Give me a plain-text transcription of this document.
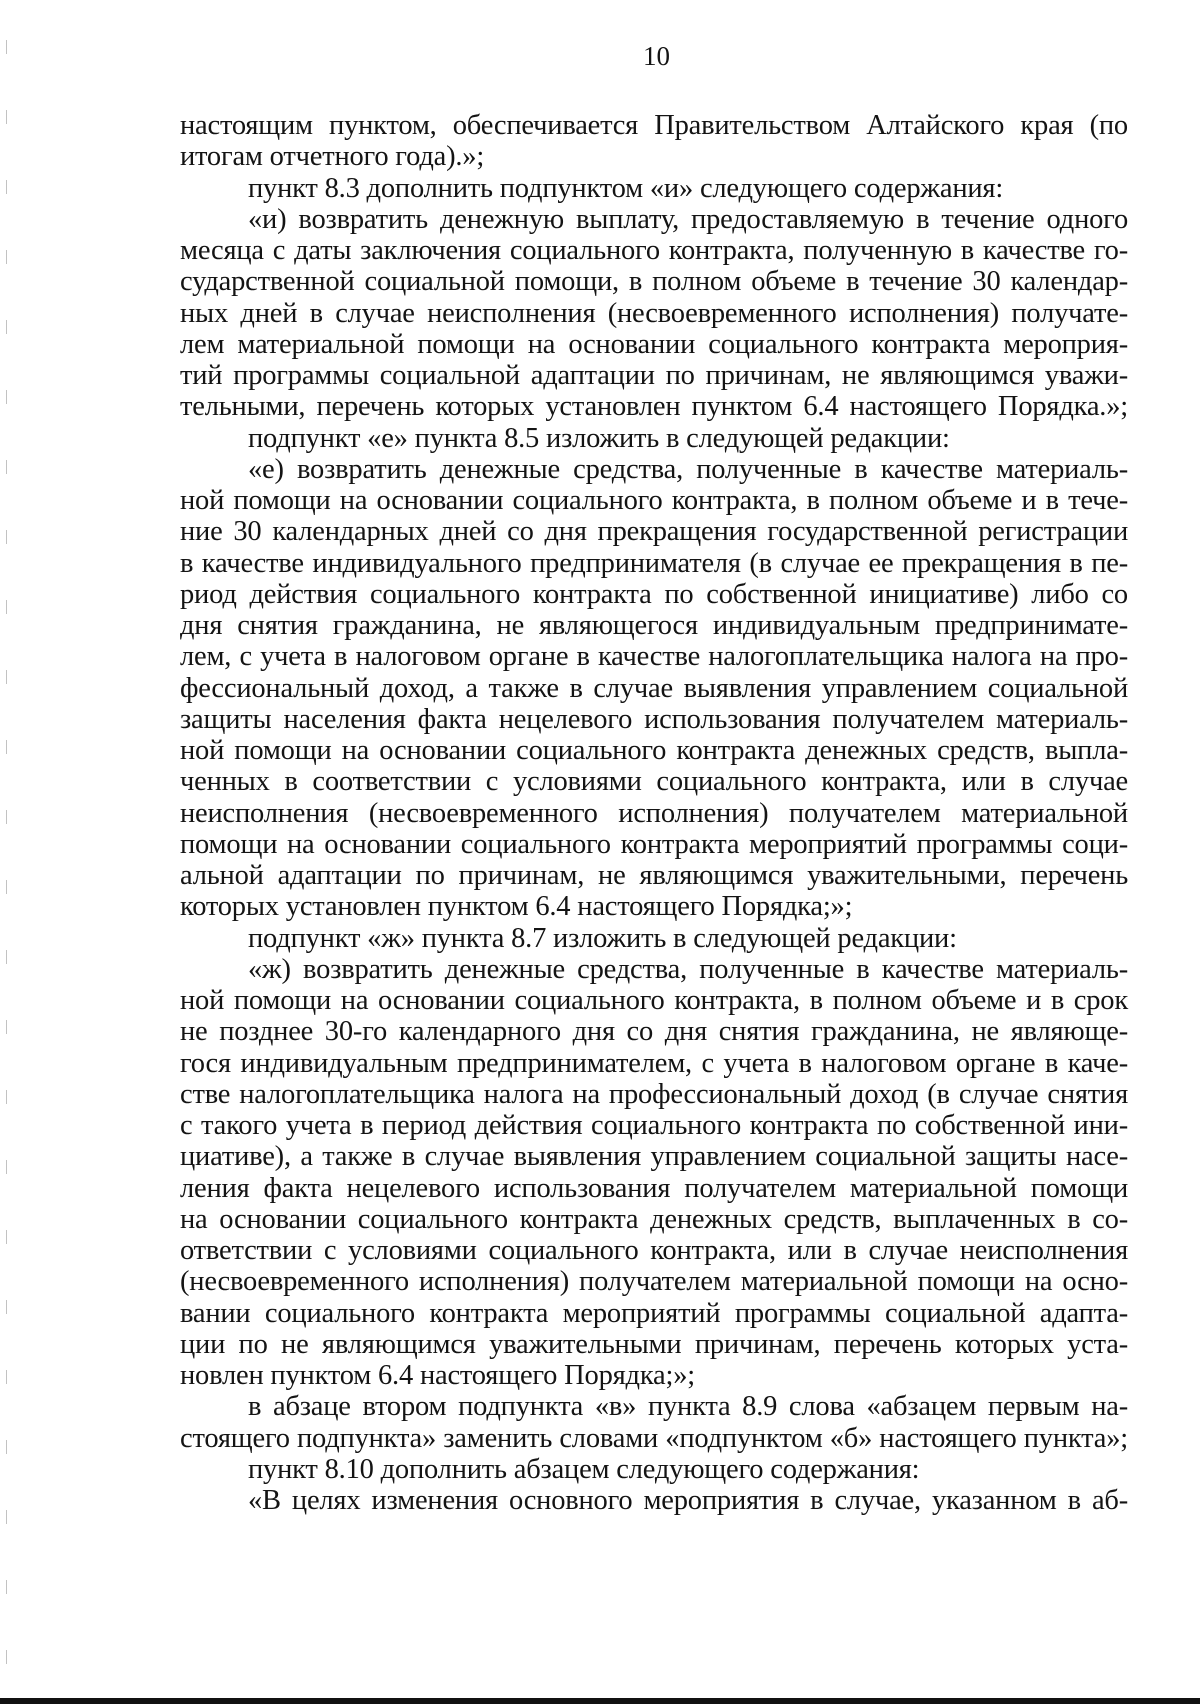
10
настоящим пунктом, обеспечивается Правительством Алтайского края (по
итогам отчетного года).»;
пункт 8.3 дополнить подпунктом «и» следующего содержания:
«и) возвратить денежную выплату, предоставляемую в течение одного
месяца с даты заключения социального контракта, полученную в качестве го-
сударственной социальной помощи, в полном объеме в течение 30 календар-
ных дней в случае неисполнения (несвоевременного исполнения) получате-
лем материальной помощи на основании социального контракта мероприя-
тий программы социальной адаптации по причинам, не являющимся уважи-
тельными, перечень которых установлен пунктом 6.4 настоящего Порядка.»;
подпункт «е» пункта 8.5 изложить в следующей редакции:
«е) возвратить денежные средства, полученные в качестве материаль-
ной помощи на основании социального контракта, в полном объеме и в тече-
ние 30 календарных дней со дня прекращения государственной регистрации
в качестве индивидуального предпринимателя (в случае ее прекращения в пе-
риод действия социального контракта по собственной инициативе) либо со
дня снятия гражданина, не являющегося индивидуальным предпринимате-
лем, с учета в налоговом органе в качестве налогоплательщика налога на про-
фессиональный доход, а также в случае выявления управлением социальной
защиты населения факта нецелевого использования получателем материаль-
ной помощи на основании социального контракта денежных средств, выпла-
ченных в соответствии с условиями социального контракта, или в случае
неисполнения (несвоевременного исполнения) получателем материальной
помощи на основании социального контракта мероприятий программы соци-
альной адаптации по причинам, не являющимся уважительными, перечень
которых установлен пунктом 6.4 настоящего Порядка;»;
подпункт «ж» пункта 8.7 изложить в следующей редакции:
«ж) возвратить денежные средства, полученные в качестве материаль-
ной помощи на основании социального контракта, в полном объеме и в срок
не позднее 30-го календарного дня со дня снятия гражданина, не являюще-
гося индивидуальным предпринимателем, с учета в налоговом органе в каче-
стве налогоплательщика налога на профессиональный доход (в случае снятия
с такого учета в период действия социального контракта по собственной ини-
циативе), а также в случае выявления управлением социальной защиты насе-
ления факта нецелевого использования получателем материальной помощи
на основании социального контракта денежных средств, выплаченных в со-
ответствии с условиями социального контракта, или в случае неисполнения
(несвоевременного исполнения) получателем материальной помощи на осно-
вании социального контракта мероприятий программы социальной адапта-
ции по не являющимся уважительными причинам, перечень которых уста-
новлен пунктом 6.4 настоящего Порядка;»;
в абзаце втором подпункта «в» пункта 8.9 слова «абзацем первым на-
стоящего подпункта» заменить словами «подпунктом «б» настоящего пункта»;
пункт 8.10 дополнить абзацем следующего содержания:
«В целях изменения основного мероприятия в случае, указанном в аб-
